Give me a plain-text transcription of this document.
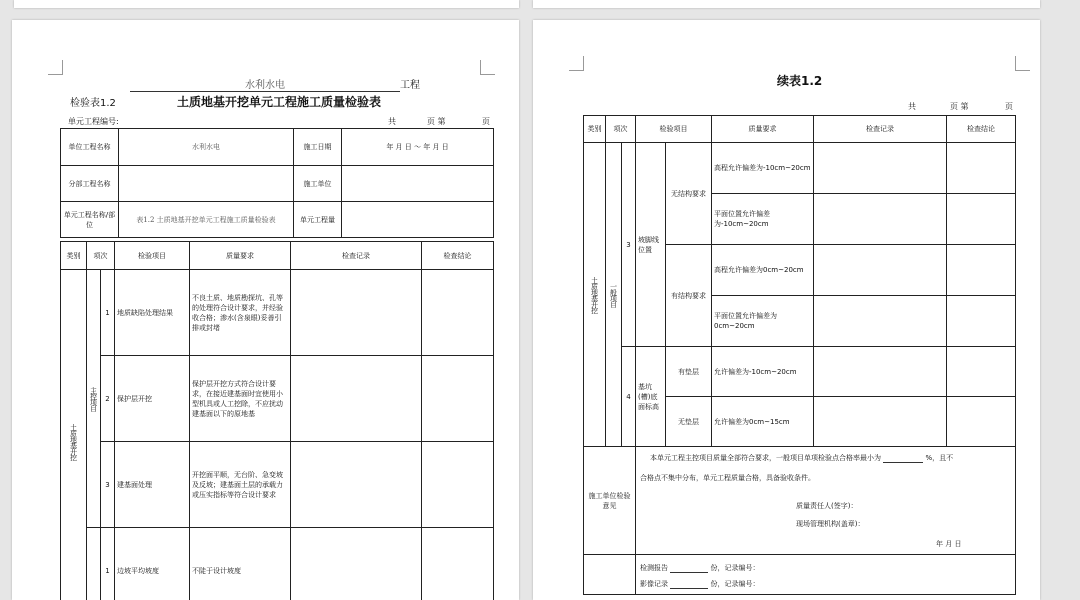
水利水电	工程
检验表1.2	土质地基开挖单元工程施工质量检验表
单元工程编号:	共	页 第	页
单位工程名称	水利水电	施工日期	年 月 日 ～ 年 月 日
分部工程名称		施工单位	
单元工程名称/部位	表1.2 土质地基开挖单元工程施工质量检验表	单元工程量	
类别	项次		检验项目	质量要求	检查记录	检查结论
土质地基开挖	主控项目	1	地质缺陷处理结果	不良土质、地质勘探坑、孔等的处理符合设计要求，并经验收合格；渗水(含泉眼)妥善引排或封堵		
		2	保护层开挖	保护层开挖方式符合设计要求，在接近建基面时宜使用小型机具或人工挖除，不应扰动建基面以下的原地基		
		3	建基面处理	开挖面平顺，无台阶、急变坡及反坡；建基面土层的承载力或压实指标等符合设计要求		
		1	边坡平均坡度	不陡于设计坡度		
续表1.2
共	页 第	页
类别	项次		检验项目		质量要求	检查记录	检查结论
土质地基开挖	一般项目	3	坡脚线位置	无结构要求	高程允许偏差为-10cm~20cm		
					平面位置允许偏差为-10cm~20cm		
				有结构要求	高程允许偏差为0cm~20cm		
					平面位置允许偏差为0cm~20cm		
		4	基坑(槽)底面标高	有垫层	允许偏差为-10cm~20cm		
				无垫层	允许偏差为0cm~15cm		
施工单位检验意见			本单元工程主控项目质量全部符合要求，一般项目单项检验点合格率最小为 %，且不
合格点不集中分布，单元工程质量合格，具备验收条件。
质量责任人(签字)：
现场管理机构(盖章)：
年 月 日				

			检测报告 份，记录编号：
影像记录 份，记录编号：				
